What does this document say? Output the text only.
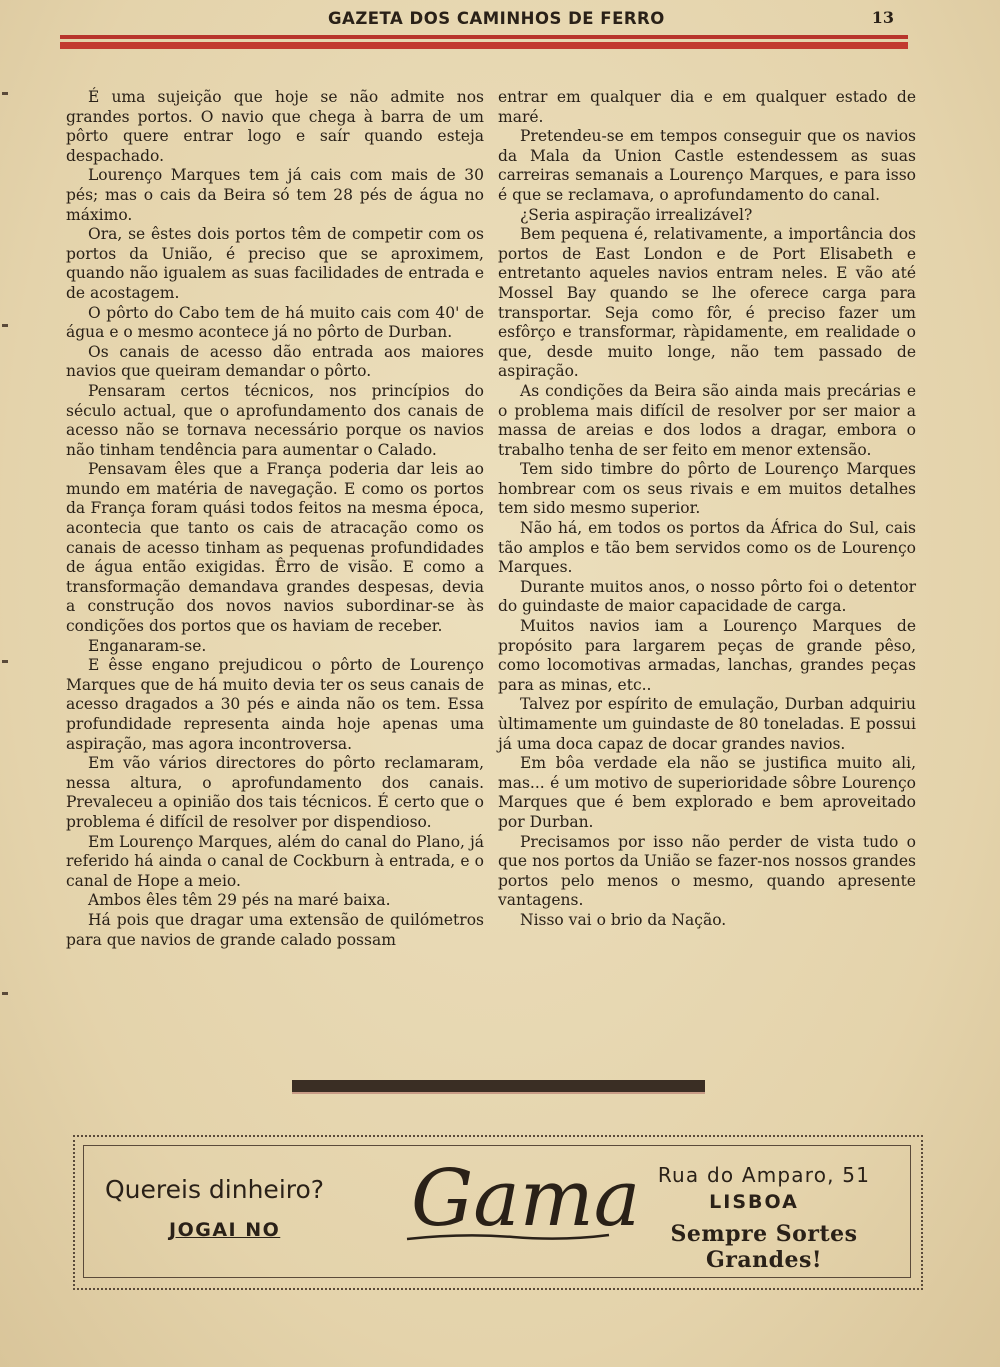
GAZETA DOS CAMINHOS DE FERRO	13

É uma sujeição que hoje se não admite nos grandes portos. O navio que chega à barra de um pôrto quere entrar logo e saír quando esteja despachado.

Lourenço Marques tem já cais com mais de 30 pés; mas o cais da Beira só tem 28 pés de água no máximo.

Ora, se êstes dois portos têm de competir com os portos da União, é preciso que se aproximem, quando não igualem as suas facilidades de entrada e de acostagem.

O pôrto do Cabo tem de há muito cais com 40' de água e o mesmo acontece já no pôrto de Durban.

Os canais de acesso dão entrada aos maiores navios que queiram demandar o pôrto.

Pensaram certos técnicos, nos princípios do século actual, que o aprofundamento dos canais de acesso não se tornava necessário porque os navios não tinham tendência para aumentar o Calado.

Pensavam êles que a França poderia dar leis ao mundo em matéria de navegação. E como os portos da França foram quási todos feitos na mesma época, acontecia que tanto os cais de atracação como os canais de acesso tinham as pequenas profundidades de água então exigidas. Êrro de visão. E como a transformação demandava grandes despesas, devia a construção dos novos navios subordinar-se às condições dos portos que os haviam de receber.

Enganaram-se.

E êsse engano prejudicou o pôrto de Lourenço Marques que de há muito devia ter os seus canais de acesso dragados a 30 pés e ainda não os tem. Essa profundidade representa ainda hoje apenas uma aspiração, mas agora incontroversa.

Em vão vários directores do pôrto reclamaram, nessa altura, o aprofundamento dos canais. Prevaleceu a opinião dos tais técnicos. É certo que o problema é difícil de resolver por dispendioso.

Em Lourenço Marques, além do canal do Plano, já referido há ainda o canal de Cockburn à entrada, e o canal de Hope a meio.

Ambos êles têm 29 pés na maré baixa.

Há pois que dragar uma extensão de quilómetros para que navios de grande calado possam

entrar em qualquer dia e em qualquer estado de maré.

Pretendeu-se em tempos conseguir que os navios da Mala da Union Castle estendessem as suas carreiras semanais a Lourenço Marques, e para isso é que se reclamava, o aprofundamento do canal.

¿Seria aspiração irrealizável?

Bem pequena é, relativamente, a importância dos portos de East London e de Port Elisabeth e entretanto aqueles navios entram neles. E vão até Mossel Bay quando se lhe oferece carga para transportar. Seja como fôr, é preciso fazer um esfôrço e transformar, ràpidamente, em realidade o que, desde muito longe, não tem passado de aspiração.

As condições da Beira são ainda mais precárias e o problema mais difícil de resolver por ser maior a massa de areias e dos lodos a dragar, embora o trabalho tenha de ser feito em menor extensão.

Tem sido timbre do pôrto de Lourenço Marques hombrear com os seus rivais e em muitos detalhes tem sido mesmo superior.

Não há, em todos os portos da África do Sul, cais tão amplos e tão bem servidos como os de Lourenço Marques.

Durante muitos anos, o nosso pôrto foi o detentor do guindaste de maior capacidade de carga.

Muitos navios iam a Lourenço Marques de propósito para largarem peças de grande pêso, como locomotivas armadas, lanchas, grandes peças para as minas, etc..

Talvez por espírito de emulação, Durban adquiriu ùltimamente um guindaste de 80 toneladas. E possui já uma doca capaz de docar grandes navios.

Em bôa verdade ela não se justifica muito ali, mas... é um motivo de superioridade sôbre Lourenço Marques que é bem explorado e bem aproveitado por Durban.

Precisamos por isso não perder de vista tudo o que nos portos da União se fazer-nos nossos grandes portos pelo menos o mesmo, quando apresente vantagens.

Nisso vai o brio da Nação.

Quereis dinheiro?
JOGAI NO Gama Rua do Amparo, 51
LISBOA
Sempre Sortes Grandes!
